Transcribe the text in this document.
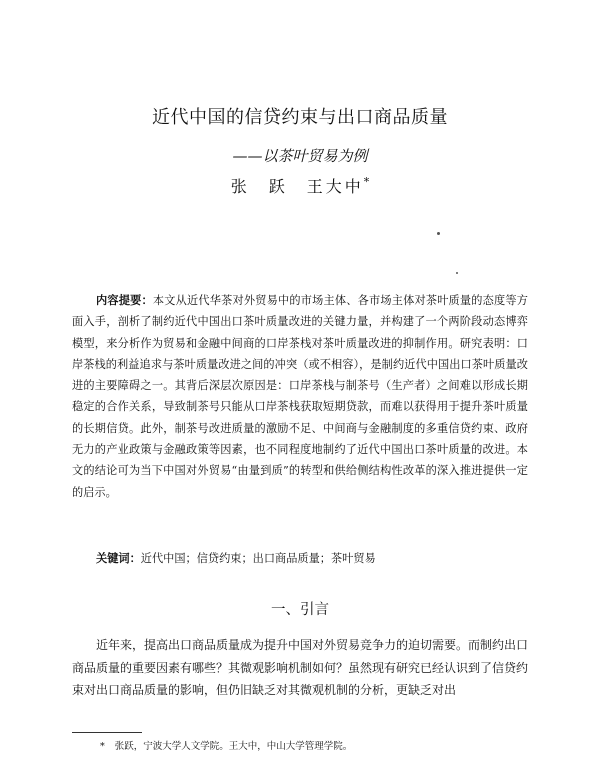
近代中国的信贷约束与出口商品质量
——以茶叶贸易为例
张　跃　王大中*

内容提要：本文从近代华茶对外贸易中的市场主体、各市场主体对茶叶质量的态度等方面入手，剖析了制约近代中国出口茶叶质量改进的关键力量，并构建了一个两阶段动态博弈模型，来分析作为贸易和金融中间商的口岸茶栈对茶叶质量改进的抑制作用。研究表明：口岸茶栈的利益追求与茶叶质量改进之间的冲突（或不相容），是制约近代中国出口茶叶质量改进的主要障碍之一。其背后深层次原因是：口岸茶栈与制茶号（生产者）之间难以形成长期稳定的合作关系，导致制茶号只能从口岸茶栈获取短期贷款，而难以获得用于提升茶叶质量的长期信贷。此外，制茶号改进质量的激励不足、中间商与金融制度的多重信贷约束、政府无力的产业政策与金融政策等因素，也不同程度地制约了近代中国出口茶叶质量的改进。本文的结论可为当下中国对外贸易“由量到质”的转型和供给侧结构性改革的深入推进提供一定的启示。

关键词：近代中国；信贷约束；出口商品质量；茶叶贸易

一、引言

近年来，提高出口商品质量成为提升中国对外贸易竞争力的迫切需要。而制约出口商品质量的重要因素有哪些？其微观影响机制如何？虽然现有研究已经认识到了信贷约束对出口商品质量的影响，但仍旧缺乏对其微观机制的分析，更缺乏对出

* 张跃，宁波大学人文学院。王大中，中山大学管理学院。
